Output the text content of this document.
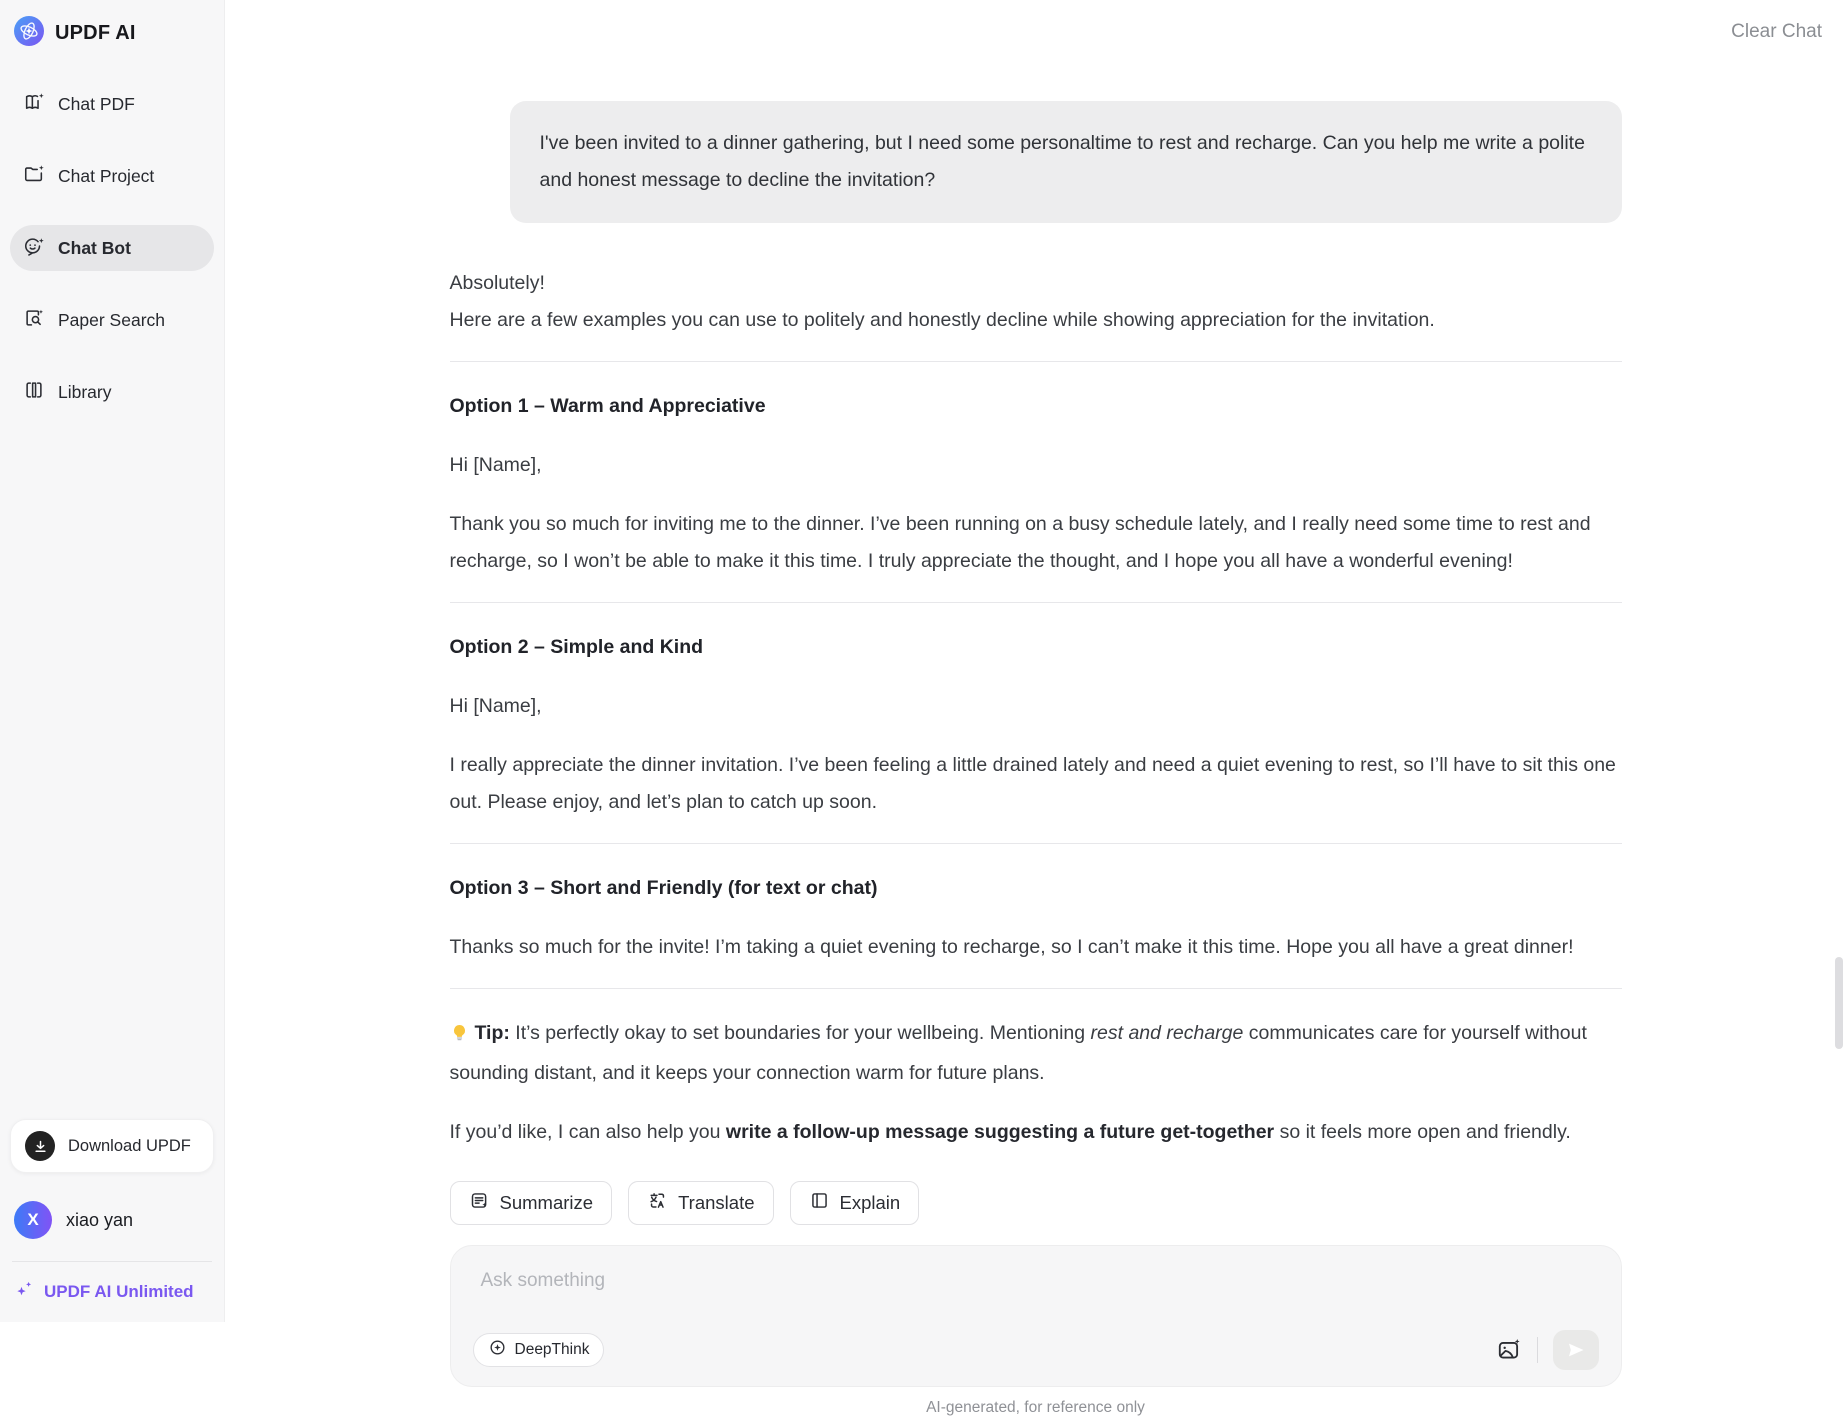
UPDF AI
Chat PDF
Chat Project
Chat Bot
Paper Search
Library
Download UPDF
X	xiao yan
UPDF AI Unlimited
Clear Chat
I've been invited to a dinner gathering, but I need some personaltime to rest and recharge. Can you help me write a polite and honest message to decline the invitation?

Absolutely!

Here are a few examples you can use to politely and honestly decline while showing appreciation for the invitation.

Option 1 – Warm and Appreciative

Hi [Name],

Thank you so much for inviting me to the dinner. I’ve been running on a busy schedule lately, and I really need some time to rest and recharge, so I won’t be able to make it this time. I truly appreciate the thought, and I hope you all have a wonderful evening!

Option 2 – Simple and Kind

Hi [Name],

I really appreciate the dinner invitation. I’ve been feeling a little drained lately and need a quiet evening to rest, so I’ll have to sit this one out. Please enjoy, and let’s plan to catch up soon.

Option 3 – Short and Friendly (for text or chat)

Thanks so much for the invite! I’m taking a quiet evening to recharge, so I can’t make it this time. Hope you all have a great dinner!

Tip: It’s perfectly okay to set boundaries for your wellbeing. Mentioning rest and recharge communicates care for yourself without sounding distant, and it keeps your connection warm for future plans.

If you’d like, I can also help you write a follow-up message suggesting a future get-together so it feels more open and friendly.

Summarize	Translate	Explain
Ask something
DeepThink
AI-generated, for reference only
